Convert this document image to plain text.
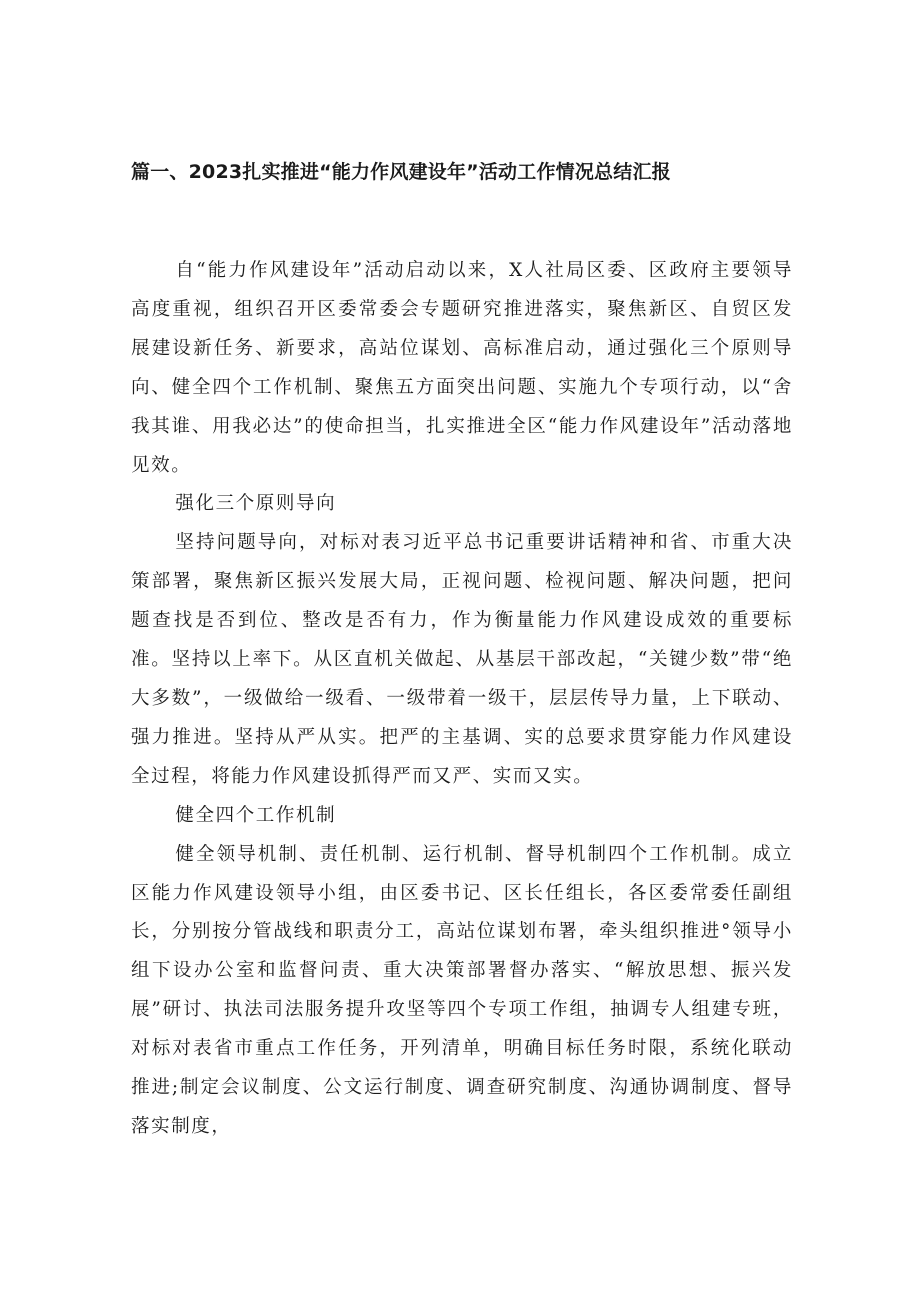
篇一、2023扎实推进“能力作风建设年”活动工作情况总结汇报

自“能力作风建设年”活动启动以来，X人社局区委、区政府主要领导高度重视，组织召开区委常委会专题研究推进落实，聚焦新区、自贸区发展建设新任务、新要求，高站位谋划、高标准启动，通过强化三个原则导向、健全四个工作机制、聚焦五方面突出问题、实施九个专项行动，以“舍我其谁、用我必达”的使命担当，扎实推进全区“能力作风建设年”活动落地见效。

强化三个原则导向

坚持问题导向，对标对表习近平总书记重要讲话精神和省、市重大决策部署，聚焦新区振兴发展大局，正视问题、检视问题、解决问题，把问题查找是否到位、整改是否有力，作为衡量能力作风建设成效的重要标准。坚持以上率下。从区直机关做起、从基层干部改起，“关键少数”带“绝大多数”，一级做给一级看、一级带着一级干，层层传导力量，上下联动、强力推进。坚持从严从实。把严的主基调、实的总要求贯穿能力作风建设全过程，将能力作风建设抓得严而又严、实而又实。

健全四个工作机制

健全领导机制、责任机制、运行机制、督导机制四个工作机制。成立区能力作风建设领导小组，由区委书记、区长任组长，各区委常委任副组长，分别按分管战线和职责分工，高站位谋划布署，牵头组织推进°领导小组下设办公室和监督问责、重大决策部署督办落实、“解放思想、振兴发展”研讨、执法司法服务提升攻坚等四个专项工作组，抽调专人组建专班，对标对表省市重点工作任务，开列清单，明确目标任务时限，系统化联动推进;制定会议制度、公文运行制度、调查研究制度、沟通协调制度、督导落实制度，
